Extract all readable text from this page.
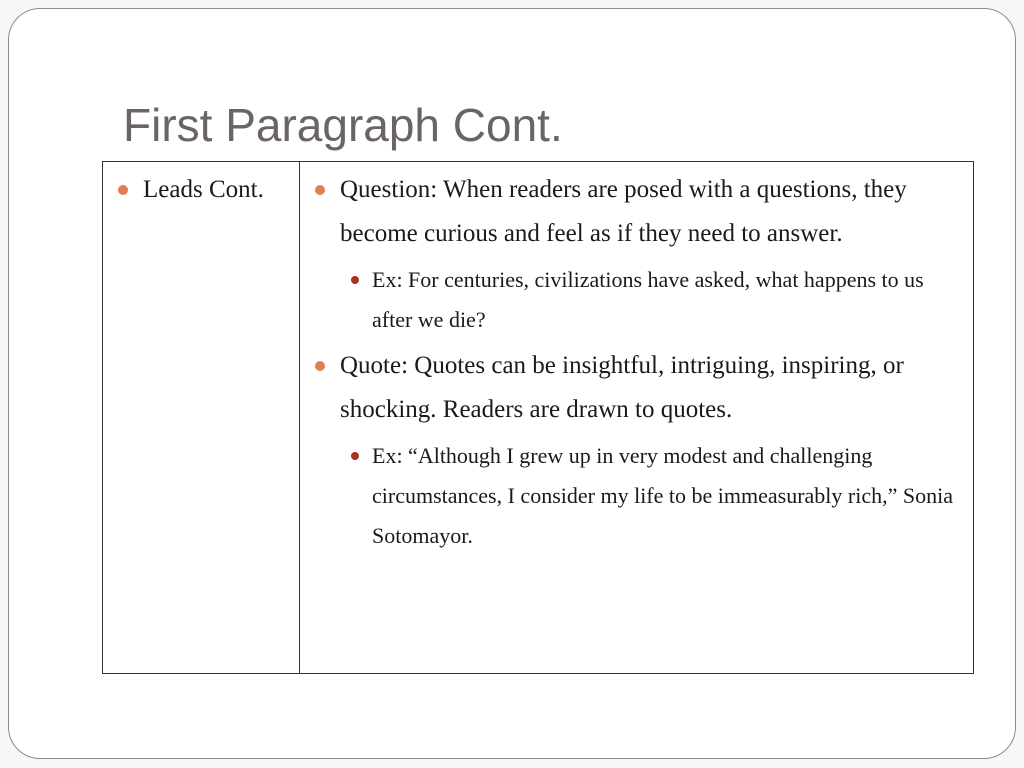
First Paragraph Cont.
Leads Cont.	Question: When readers are posed with a questions, they become curious and feel as if they need to answer.
Ex: For centuries, civilizations have asked, what happens to us after we die?
Quote: Quotes can be insightful, intriguing, inspiring, or shocking. Readers are drawn to quotes.
Ex: “Although I grew up in very modest and challenging circumstances, I consider my life to be immeasurably rich,” Sonia Sotomayor.
